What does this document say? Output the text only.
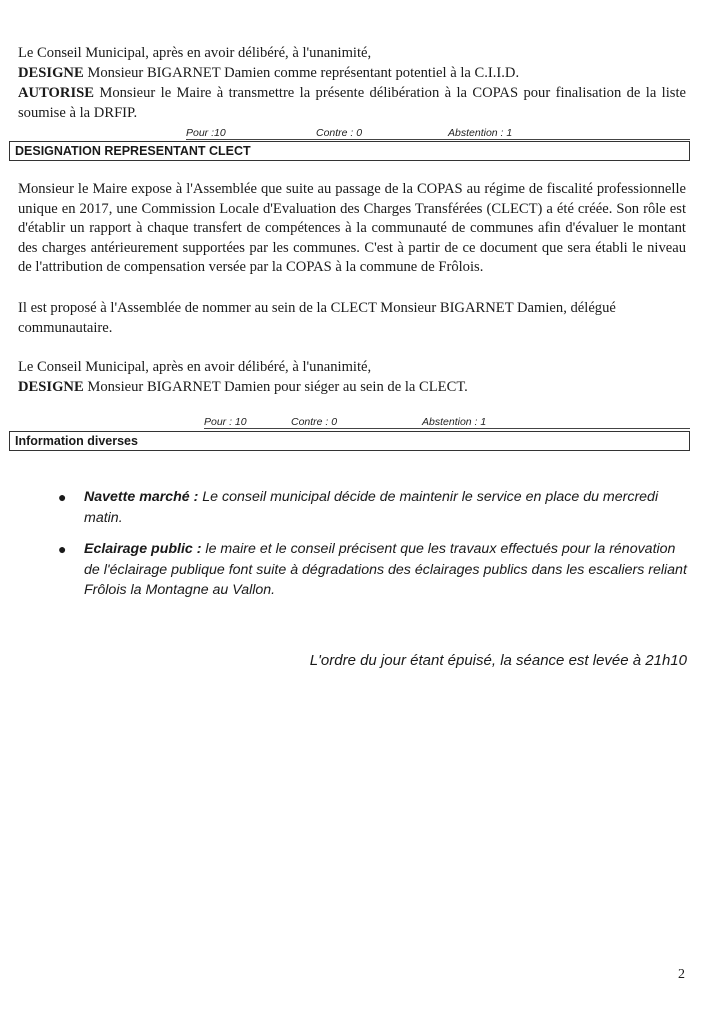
Le Conseil Municipal, après en avoir délibéré, à l'unanimité,

DESIGNE Monsieur BIGARNET Damien comme représentant potentiel à la C.I.I.D.

AUTORISE Monsieur le Maire à transmettre la présente délibération à la COPAS pour finalisation de la liste soumise à la DRFIP.

Pour :10	Contre : 0	Abstention : 1
DESIGNATION REPRESENTANT CLECT

Monsieur le Maire expose à l'Assemblée que suite au passage de la COPAS au régime de fiscalité professionnelle unique en 2017, une Commission Locale d'Evaluation des Charges Transférées (CLECT) a été créée. Son rôle est d'établir un rapport à chaque transfert de compétences à la communauté de communes afin d'évaluer le montant des charges antérieurement supportées par les communes. C'est à partir de ce document que sera établi le niveau de l'attribution de compensation versée par la COPAS à la commune de Frôlois.

Il est proposé à l'Assemblée de nommer au sein de la CLECT Monsieur BIGARNET Damien, délégué communautaire.

Le Conseil Municipal, après en avoir délibéré, à l'unanimité,

DESIGNE Monsieur BIGARNET Damien pour siéger au sein de la CLECT.

Pour : 10	Contre : 0	Abstention : 1
Information diverses
● Navette marché : Le conseil municipal décide de maintenir le service en place du mercredi matin.
● Eclairage public : le maire et le conseil précisent que les travaux effectués pour la rénovation de l'éclairage publique font suite à dégradations des éclairages publics dans les escaliers reliant Frôlois la Montagne au Vallon.
L'ordre du jour étant épuisé, la séance est levée à 21h10
2
